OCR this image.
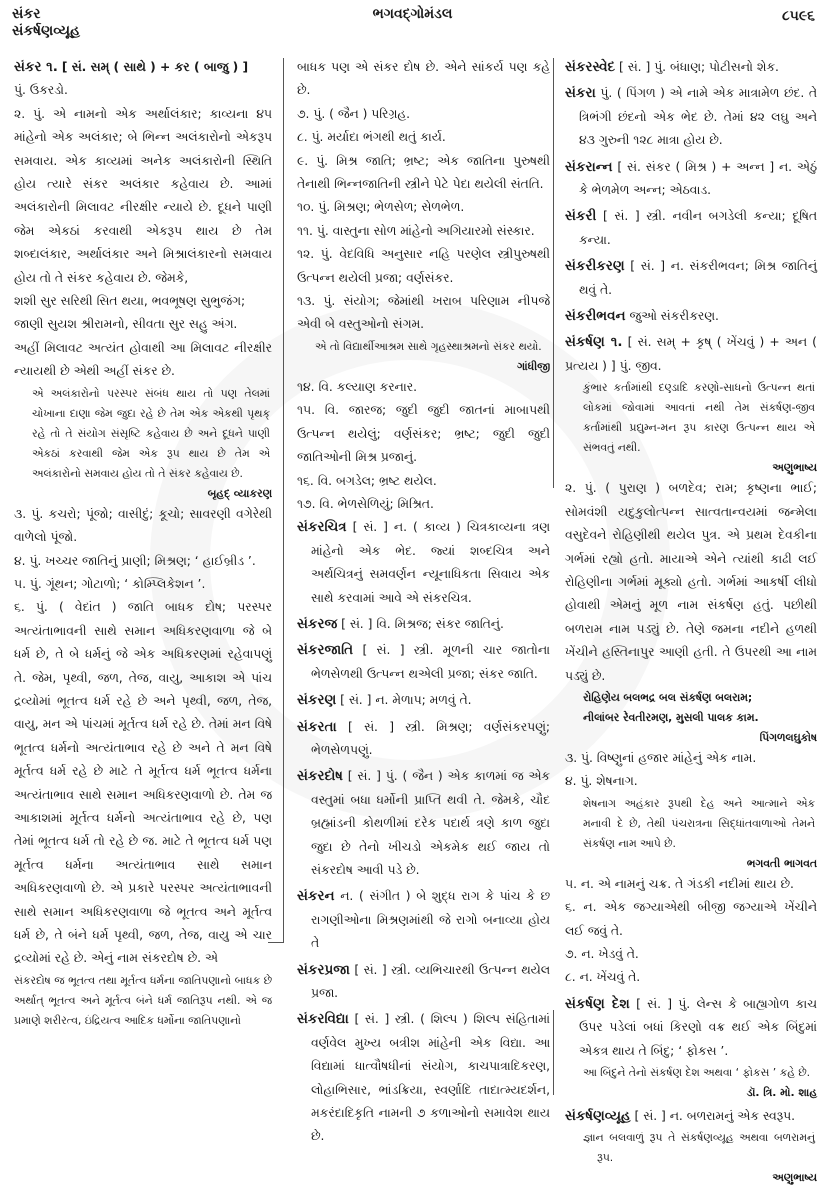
સંકર
સંકર્ષણવ્યૂહ
ભગવદ્ગોમંડલ	૮૫૯૬
સંકર ૧. [ સં. સમ્ ( સાથે ) + કર ( બાજુ ) ]
પું. ઉકરડો.
૨. પું. એ નામનો એક અર્થાલંકાર; કાવ્યના ૪૫ માંહેનો એક અલંકાર; બે ભિન્ન અલંકારોનો એકરૂપ સમવાય. એક કાવ્યમાં અનેક અલંકારોની સ્થિતિ હોય ત્યારે સંકર અલંકાર કહેવાય છે. આમાં અલંકારોની મિલાવટ નીરક્ષીર ન્યાયે છે. દૂધને પાણી જેમ એકઠાં કરવાથી એકરૂપ થાય છે તેમ શબ્દાલંકાર, અર્થાલંકાર અને મિશ્રાલંકારનો સમવાય હોય તો તે સંકર કહેવાય છે. જેમકે,
શશી સુર સરિથી સિત થયા, ભવભૂષણ સુભુજંગ;
જાણી સુયશ શ્રીરામનો, સીવતા સુર સહુ અંગ.
અહીં મિલાવટ અત્યંત હોવાથી આ મિલાવટ નીરક્ષીર ન્યાયથી છે એથી અહીં સંકર છે.
એ અલંકારોનો પરસ્પર સંબંધ થાય તો પણ તેલમાં ચોખાના દાણા જેમ જુદા રહે છે તેમ એક એકથી પૃથક્ રહે તો તે સંયોગ સંસૃષ્ટિ કહેવાય છે અને દૂધને પાણી એકઠાં કરવાથી જેમ એક રૂપ થાય છે તેમ એ અલંકારોનો સમવાય હોય તો તે સંકર કહેવાય છે.
બૃહદ્ વ્યાકરણ
૩. પું. કચરો; પૂંજો; વાસીદું; કૂચો; સાવરણી વગેરેથી વાળેલો પૂંજો.
૪. પું. ખચ્ચર જાતિનું પ્રાણી; મિશ્રણ; ‘ હાઈબ્રીડ ’.
૫. પું. ગૂંથન; ગોટાળો; ‘ કોમ્પ્લિકેશન ’.
૬. પું. ( વેદાંત ) જાતિ બાધક દોષ; પરસ્પર અત્યંતાભાવની સાથે સમાન અધિકરણવાળા જે બે ધર્મ છે, તે બે ધર્મનું જે એક અધિકરણમાં રહેવાપણું તે. જેમ, પૃથ્વી, જળ, તેજ, વાયુ, આકાશ એ પાંચ દ્રવ્યોમાં ભૂતત્વ ધર્મ રહે છે અને પૃથ્વી, જળ, તેજ, વાયુ, મન એ પાંચમાં મૂર્તત્વ ધર્મ રહે છે. તેમાં મન વિષે ભૂતત્વ ધર્મનો અત્યંતાભાવ રહે છે અને તે મન વિષે મૂર્તત્વ ધર્મ રહે છે માટે તે મૂર્તત્વ ધર્મ ભૂતત્વ ધર્મના અત્યંતાભાવ સાથે સમાન અધિકરણવાળો છે. તેમ જ આકાશમાં મૂર્તત્વ ધર્મનો અત્યંતાભાવ રહે છે, પણ તેમાં ભૂતત્વ ધર્મ તો રહે છે જ. માટે તે ભૂતત્વ ધર્મ પણ મૂર્તત્વ ધર્મના અત્યંતાભાવ સાથે સમાન અધિકરણવાળો છે. એ પ્રકારે પરસ્પર અત્યંતાભાવની સાથે સમાન અધિકરણવાળા જે ભૂતત્વ અને મૂર્તત્વ ધર્મ છે, તે બંને ધર્મ પૃથ્વી, જળ, તેજ, વાયુ એ ચાર દ્રવ્યોમાં રહે છે. એનું નામ સંકરદોષ છે. એ
સંકરદોષ જ ભૂતત્વ તથા મૂર્તત્વ ધર્મના જાતિપણાનો બાધક છે અર્થાત્ ભૂતત્વ અને મૂર્તત્વ બંને ધર્મ જાતિરૂપ નથી. એ જ પ્રમાણે શરીરત્વ, ઇંદ્રિયત્વ આદિક ધર્મોના જાતિપણાનો
બાધક પણ એ સંકર દોષ છે. એને સાંકર્ય પણ કહે છે.
૭. પું. ( જૈન ) પરિગ્રહ.
૮. પું. મર્યાદા ભંગથી થતું કાર્ય.
૯. પું. મિશ્ર જાતિ; ભ્રષ્ટ; એક જાતિના પુરુષથી તેનાથી ભિન્નજાતિની સ્ત્રીને પેટે પેદા થયેલી સંતતિ.
૧૦. પું. મિશ્રણ; ભેળસેળ; સેળભેળ.
૧૧. પું. વાસ્તુના સોળ માંહેનો અગિયારમો સંસ્કાર.
૧૨. પું. વેદવિધિ અનુસાર નહિ પરણેલ સ્ત્રીપુરુષથી ઉત્પન્ન થયેલી પ્રજા; વર્ણસંકર.
૧૩. પું. સંયોગ; જેમાંથી ખરાબ પરિણામ નીપજે એવી બે વસ્તુઓનો સંગમ.
એ તો વિદ્યાર્થીઆશ્રમ સાથે ગૃહસ્થાશ્રમનો સંકર થયો.
ગાંધીજી
૧૪. વિ. કલ્યાણ કરનાર.
૧૫. વિ. જારજ; જુદી જુદી જાતનાં માબાપથી ઉત્પન્ન થયેલું; વર્ણસંકર; ભ્રષ્ટ; જુદી જુદી જાતિઓની મિશ્ર પ્રજાનું.
૧૬. વિ. બગડેલ; ભ્રષ્ટ થયેલ.
૧૭. વિ. ભેળસેળિયું; મિશ્રિત.
સંકરચિત્ર [ સં. ] ન. ( કાવ્ય ) ચિત્રકાવ્યના ત્રણ માંહેનો એક ભેદ. જ્યાં શબ્દચિત્ર અને અર્થચિત્રનું સમવર્ણન ન્યૂનાધિકતા સિવાય એક સાથે કરવામાં આવે એ સંકરચિત્ર.
સંકરજ [ સં. ] વિ. મિશ્રજ; સંકર જાતિનું.
સંકરજાતિ [ સં. ] સ્ત્રી. મૂળની ચાર જાતોના ભેળસેળથી ઉત્પન્ન થએલી પ્રજા; સંકર જાતિ.
સંકરણ [ સં. ] ન. મેળાપ; મળવું તે.
સંકરતા [ સં. ] સ્ત્રી. મિશ્રણ; વર્ણસંકરપણું; ભેળસેળપણું.
સંકરદોષ [ સં. ] પું. ( જૈન ) એક કાળમાં જ એક વસ્તુમાં બધા ધર્મોની પ્રાપ્તિ થવી તે. જેમકે, ચૌદ બ્રહ્માંડની કોથળીમાં દરેક પદાર્થ ત્રણે કાળ જુદા જુદા છે તેનો ખીચડો એકમેક થઈ જાય તો સંકરદોષ આવી પડે છે.
સંકરન ન. ( સંગીત ) બે શુદ્ધ રાગ કે પાંચ કે છ રાગણીઓના મિશ્રણમાંથી જે રાગો બનાવ્યા હોય તે
સંકરપ્રજા [ સં. ] સ્ત્રી. વ્યભિચારથી ઉત્પન્ન થયેલ પ્રજા.
સંકરવિદ્યા [ સં. ] સ્ત્રી. ( શિલ્પ ) શિલ્પ સંહિતામાં વર્ણવેલ મુખ્ય બત્રીશ માંહેની એક વિદ્યા. આ વિદ્યામાં ધાત્વૌષધીનાં સંયોગ, કાચપાત્રાદિકરણ, લોહાભિસાર, ભાંડક્રિયા, સ્વર્ણાદિ તાદાત્મ્યદર્શન, મકરંદાદિકૃતિ નામની ૭ કળાઓનો સમાવેશ થાય છે.
સંકરસ્વેદ [ સં. ] પું. બંધાણ; પોટીસનો શેક.
સંકરા પું. ( પિંગળ ) એ નામે એક માત્રામેળ છંદ. તે ત્રિભંગી છંદનો એક ભેદ છે. તેમાં ૪૨ લઘુ અને ૪૩ ગુરુની ૧૨૮ માત્રા હોય છે.
સંકરાન્ન [ સં. સંકર ( મિશ્ર ) + અન્ન ] ન. એઠું કે ભેળમેળ અન્ન; એઠવાડ.
સંકરી [ સં. ] સ્ત્રી. નવીન બગડેલી કન્યા; દૂષિત કન્યા.
સંકરીકરણ [ સં. ] ન. સંકરીભવન; મિશ્ર જાતિનું થવું તે.
સંકરીભવન જુઓ સંકરીકરણ.
સંકર્ષણ ૧. [ સં. સમ્ + કૃષ્ ( ખેંચવું ) + અન ( પ્રત્યય ) ] પું. જીવ.
કુંભાર કર્તામાંથી દણ્ડાદિ કરણો-સાધનો ઉત્પન્ન થતાં લોકમાં જોવામાં આવતાં નથી તેમ સંકર્ષણ-જીવ કર્તામાંથી પ્રદ્યુમ્ન-મન રૂપ કારણ ઉત્પન્ન થાય એ સંભવતું નથી.
અણુભાષ્ય
૨. પું. ( પુરાણ ) બળદેવ; રામ; કૃષ્ણના ભાઈ; સોમવંશી યદુકુલોત્પન્ન સાત્વતાન્વયમાં જન્મેલા વસુદેવને રોહિણીથી થયેલ પુત્ર. એ પ્રથમ દેવકીના ગર્ભમાં રહ્યો હતો. માયાએ એને ત્યાંથી કાઢી લઈ રોહિણીના ગર્ભમાં મૂક્યો હતો. ગર્ભમાં આકર્ષી લીધો હોવાથી એમનું મૂળ નામ સંકર્ષણ હતું. પછીથી બળરામ નામ પડ્યું છે. તેણે જમના નદીને હળથી ખેંચીને હસ્તિનાપુર આણી હતી. તે ઉપરથી આ નામ પડ્યું છે.
રોહિણેય બલભદ્ર બલ સંકર્ષણ બલરામ;
નીલાંબર રેવતીરમણ, મુસલી પાલક કામ.
પિંગળલઘુકોષ
૩. પું. વિષ્ણુનાં હજાર માંહેનું એક નામ.
૪. પું. શેષનાગ.
શેષનાગ અહંકાર રૂપથી દેહ અને આત્માને એક મનાવી દે છે, તેથી પંચરાત્રના સિદ્ધાંતવાળાઓ તેમને સંકર્ષણ નામ આપે છે.
ભગવતી ભાગવત
૫. ન. એ નામનું ચક્ર. તે ગંડકી નદીમાં થાય છે.
૬. ન. એક જગ્યાએથી બીજી જગ્યાએ ખેંચીને લઈ જવું તે.
૭. ન. ખેડવું તે.
૮. ન. ખેંચવું તે.
સંકર્ષણ દેશ [ સં. ] પું. લેન્સ કે બાહ્યગોળ કાચ ઉપર પડેલાં બધાં કિરણો વક્ર થઈ એક બિંદુમાં એકત્ર થાય તે બિંદુ; ‘ ફોકસ ’.
આ બિંદુને તેનો સંકર્ષણ દેશ અથવા ‘ ફોકસ ’ કહે છે.
ડૉ. ત્રિ. મો. શાહ
સંકર્ષણવ્યૂહ [ સં. ] ન. બળરામનું એક સ્વરૂપ.
જ્ઞાન બલવાળું રૂપ તે સંકર્ષણવ્યૂહ અથવા બળરામનું રૂપ.
અણુભાષ્ય
